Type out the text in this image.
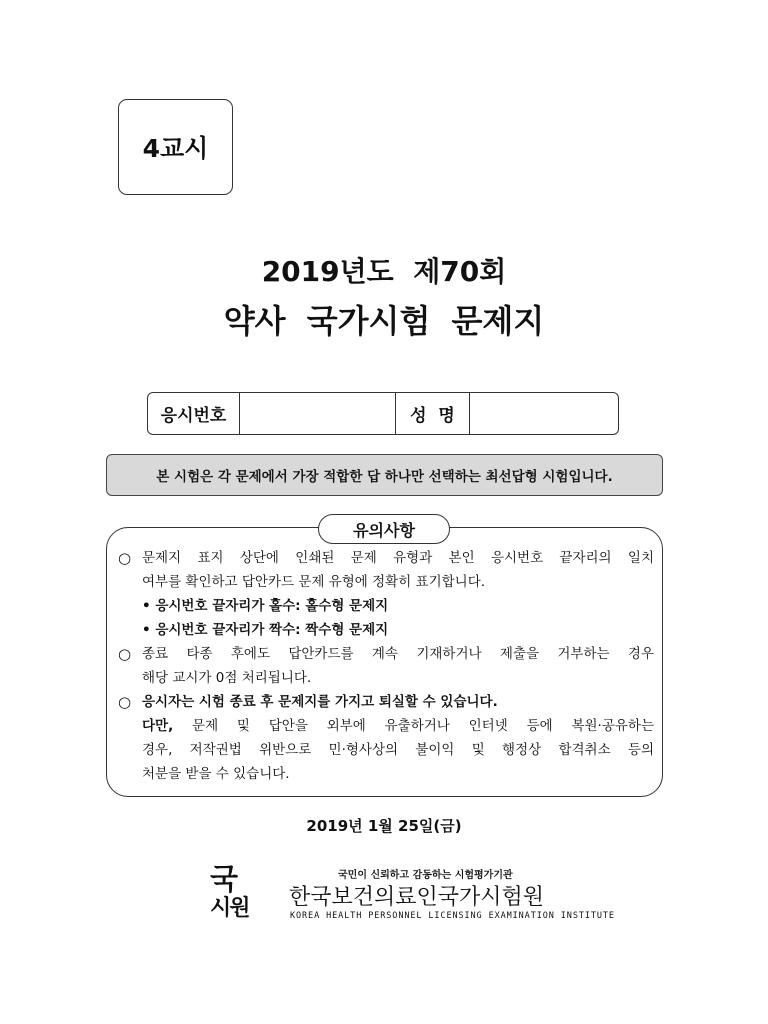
4교시
2019년도  제70회
약사 국가시험 문제지
응시번호	성  명
본 시험은 각 문제에서 가장 적합한 답 하나만 선택하는 최선답형 시험입니다.
유의사항
○ 문제지 표지 상단에 인쇄된 문제 유형과 본인 응시번호 끝자리의 일치
여부를 확인하고 답안카드 문제 유형에 정확히 표기합니다.
• 응시번호 끝자리가 홀수: 홀수형 문제지
• 응시번호 끝자리가 짝수: 짝수형 문제지
○ 종료 타종 후에도 답안카드를 계속 기재하거나 제출을 거부하는 경우
해당 교시가 0점 처리됩니다.
○ 응시자는 시험 종료 후 문제지를 가지고 퇴실할 수 있습니다.
다만, 문제 및 답안을 외부에 유출하거나 인터넷 등에 복원·공유하는
경우, 저작권법 위반으로 민·형사상의 불이익 및 행정상 합격취소 등의
처분을 받을 수 있습니다.
2019년 1월 25일(금)
국
시원
국민이 신뢰하고 감동하는 시험평가기관
한국보건의료인국가시험원
KOREA HEALTH PERSONNEL LICENSING EXAMINATION INSTITUTE
